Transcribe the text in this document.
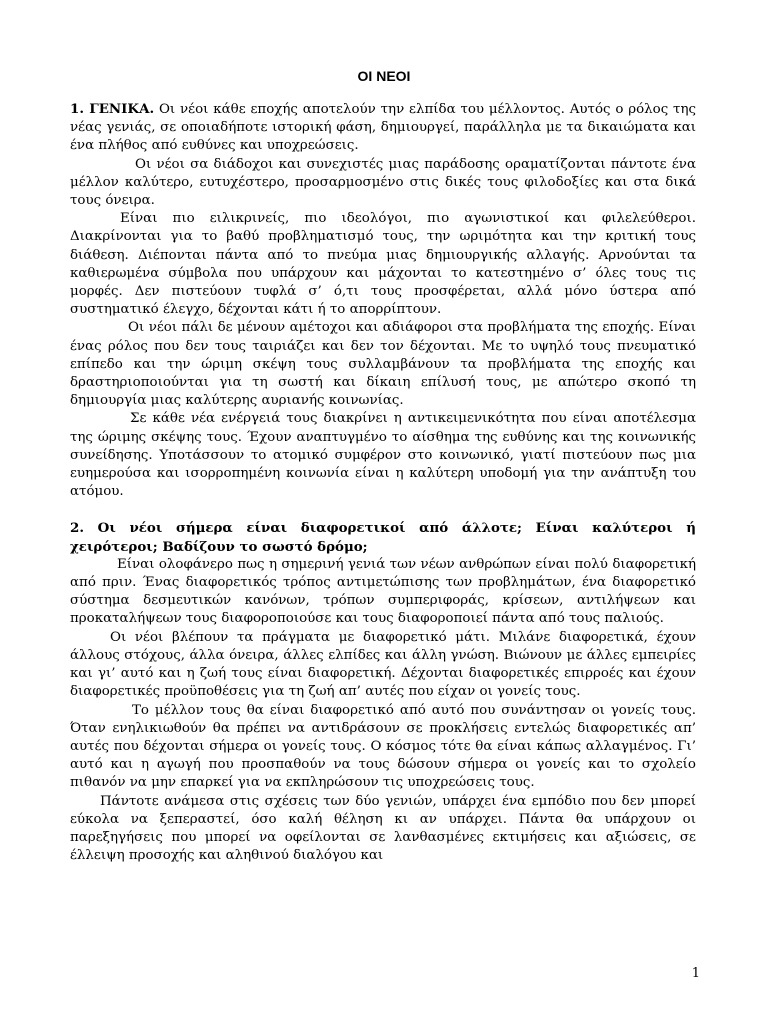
ΟΙ ΝΕΟΙ

1. ΓΕΝΙΚΑ. Οι νέοι κάθε εποχής αποτελούν την ελπίδα του μέλλοντος. Αυτός ο ρόλος της νέας γενιάς, σε οποιαδήποτε ιστορική φάση, δημιουργεί, παράλληλα με τα δικαιώματα και ένα πλήθος από ευθύνες και υποχρεώσεις.

Οι νέοι σα διάδοχοι και συνεχιστές μιας παράδοσης οραματίζονται πάντοτε ένα μέλλον καλύτερο, ευτυχέστερο, προσαρμοσμένο στις δικές τους φιλοδοξίες και στα δικά τους όνειρα.

Είναι πιο ειλικρινείς, πιο ιδεολόγοι, πιο αγωνιστικοί και φιλελεύθεροι. Διακρίνονται για το βαθύ προβληματισμό τους, την ωριμότητα και την κριτική τους διάθεση. Διέπονται πάντα από το πνεύμα μιας δημιουργικής αλλαγής. Αρνούνται τα καθιερωμένα σύμβολα που υπάρχουν και μάχονται το κατεστημένο σ’ όλες τους τις μορφές. Δεν πιστεύουν τυφλά σ’ ό,τι τους προσφέρεται, αλλά μόνο ύστερα από συστηματικό έλεγχο, δέχονται κάτι ή το απορρίπτουν.

Οι νέοι πάλι δε μένουν αμέτοχοι και αδιάφοροι στα προβλήματα της εποχής. Είναι ένας ρόλος που δεν τους ταιριάζει και δεν τον δέχονται. Με το υψηλό τους πνευματικό επίπεδο και την ώριμη σκέψη τους συλλαμβάνουν τα προβλήματα της εποχής και δραστηριοποιούνται για τη σωστή και δίκαιη επίλυσή τους, με απώτερο σκοπό τη δημιουργία μιας καλύτερης αυριανής κοινωνίας.

Σε κάθε νέα ενέργειά τους διακρίνει η αντικειμενικότητα που είναι αποτέλεσμα της ώριμης σκέψης τους. Έχουν αναπτυγμένο το αίσθημα της ευθύνης και της κοινωνικής συνείδησης. Υποτάσσουν το ατομικό συμφέρον στο κοινωνικό, γιατί πιστεύουν πως μια ευημερούσα και ισορροπημένη κοινωνία είναι η καλύτερη υποδομή για την ανάπτυξη του ατόμου.

2. Οι νέοι σήμερα είναι διαφορετικοί από άλλοτε; Είναι καλύτεροι ή χειρότεροι; Βαδίζουν το σωστό δρόμο;

Είναι ολοφάνερο πως η σημερινή γενιά των νέων ανθρώπων είναι πολύ διαφορετική από πριν. Ένας διαφορετικός τρόπος αντιμετώπισης των προβλημάτων, ένα διαφορετικό σύστημα δεσμευτικών κανόνων, τρόπων συμπεριφοράς, κρίσεων, αντιλήψεων και προκαταλήψεων τους διαφοροποιούσε και τους διαφοροποιεί πάντα από τους παλιούς.

Οι νέοι βλέπουν τα πράγματα με διαφορετικό μάτι. Μιλάνε διαφορετικά, έχουν άλλους στόχους, άλλα όνειρα, άλλες ελπίδες και άλλη γνώση. Βιώνουν με άλλες εμπειρίες και γι’ αυτό και η ζωή τους είναι διαφορετική. Δέχονται διαφορετικές επιρροές και έχουν διαφορετικές προϋποθέσεις για τη ζωή απ’ αυτές που είχαν οι γονείς τους.

Το μέλλον τους θα είναι διαφορετικό από αυτό που συνάντησαν οι γονείς τους. Όταν ενηλικιωθούν θα πρέπει να αντιδράσουν σε προκλήσεις εντελώς διαφορετικές απ’ αυτές που δέχονται σήμερα οι γονείς τους. Ο κόσμος τότε θα είναι κάπως αλλαγμένος. Γι’ αυτό και η αγωγή που προσπαθούν να τους δώσουν σήμερα οι γονείς και το σχολείο πιθανόν να μην επαρκεί για να εκπληρώσουν τις υποχρεώσεις τους.

Πάντοτε ανάμεσα στις σχέσεις των δύο γενιών, υπάρχει ένα εμπόδιο που δεν μπορεί εύκολα να ξεπεραστεί, όσο καλή θέληση κι αν υπάρχει. Πάντα θα υπάρχουν οι παρεξηγήσεις που μπορεί να οφείλονται σε λανθασμένες εκτιμήσεις και αξιώσεις, σε έλλειψη προσοχής και αληθινού διαλόγου και

1
